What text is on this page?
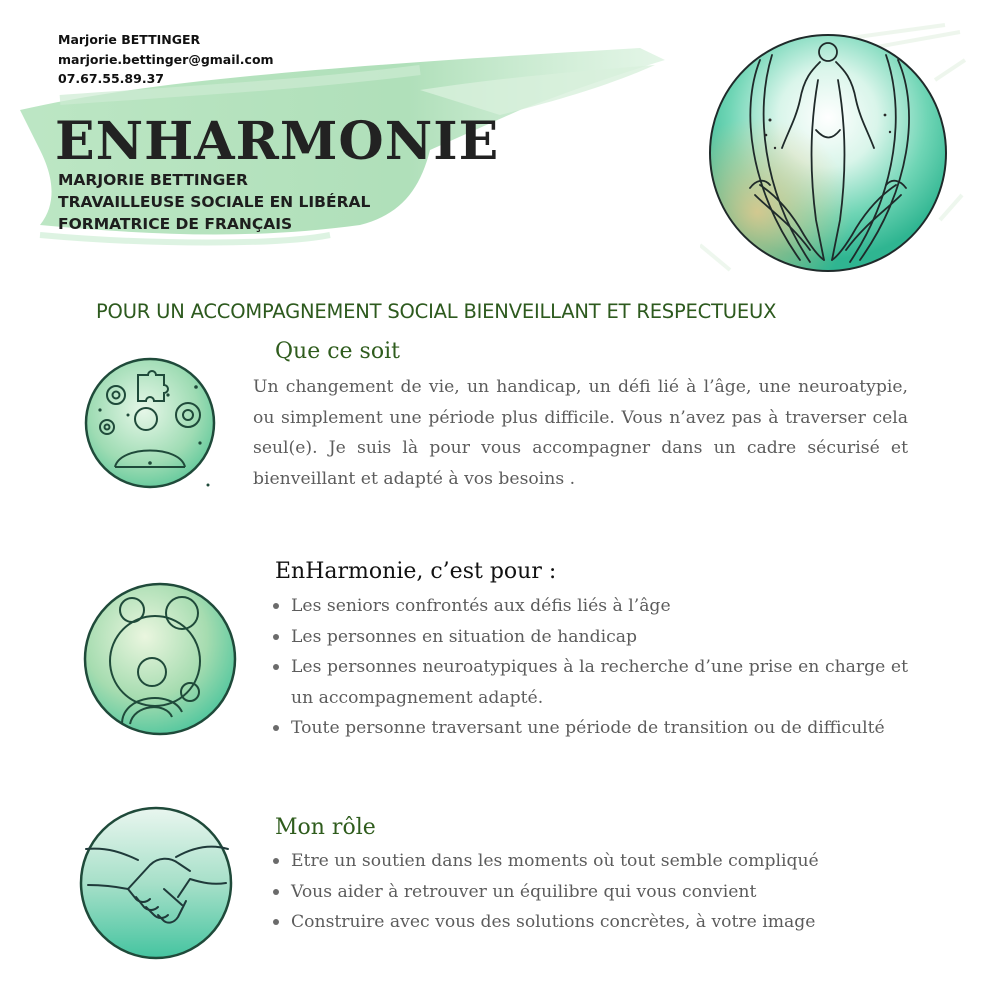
Marjorie BETTINGER
marjorie.bettinger@gmail.com
07.67.55.89.37
ENHARMONIE
MARJORIE BETTINGER
TRAVAILLEUSE SOCIALE EN LIBÉRAL
FORMATRICE DE FRANÇAIS
POUR UN ACCOMPAGNEMENT SOCIAL BIENVEILLANT ET RESPECTUEUX
Que ce soit
Un changement de vie, un handicap, un défi lié à l’âge, une neuroatypie, ou simplement une période plus difficile. Vous n’avez pas à traverser cela seul(e). Je suis là pour vous accompagner dans un cadre sécurisé et bienveillant et adapté à vos besoins .
EnHarmonie, c’est pour :
Les seniors confrontés aux défis liés à l’âge
Les personnes en situation de handicap
Les personnes neuroatypiques à la recherche d’une prise en charge et un accompagnement adapté.
Toute personne traversant une période de transition ou de difficulté
Mon rôle
Etre un soutien dans les moments où tout semble compliqué
Vous aider à retrouver un équilibre qui vous convient
Construire avec vous des solutions concrètes, à votre image
